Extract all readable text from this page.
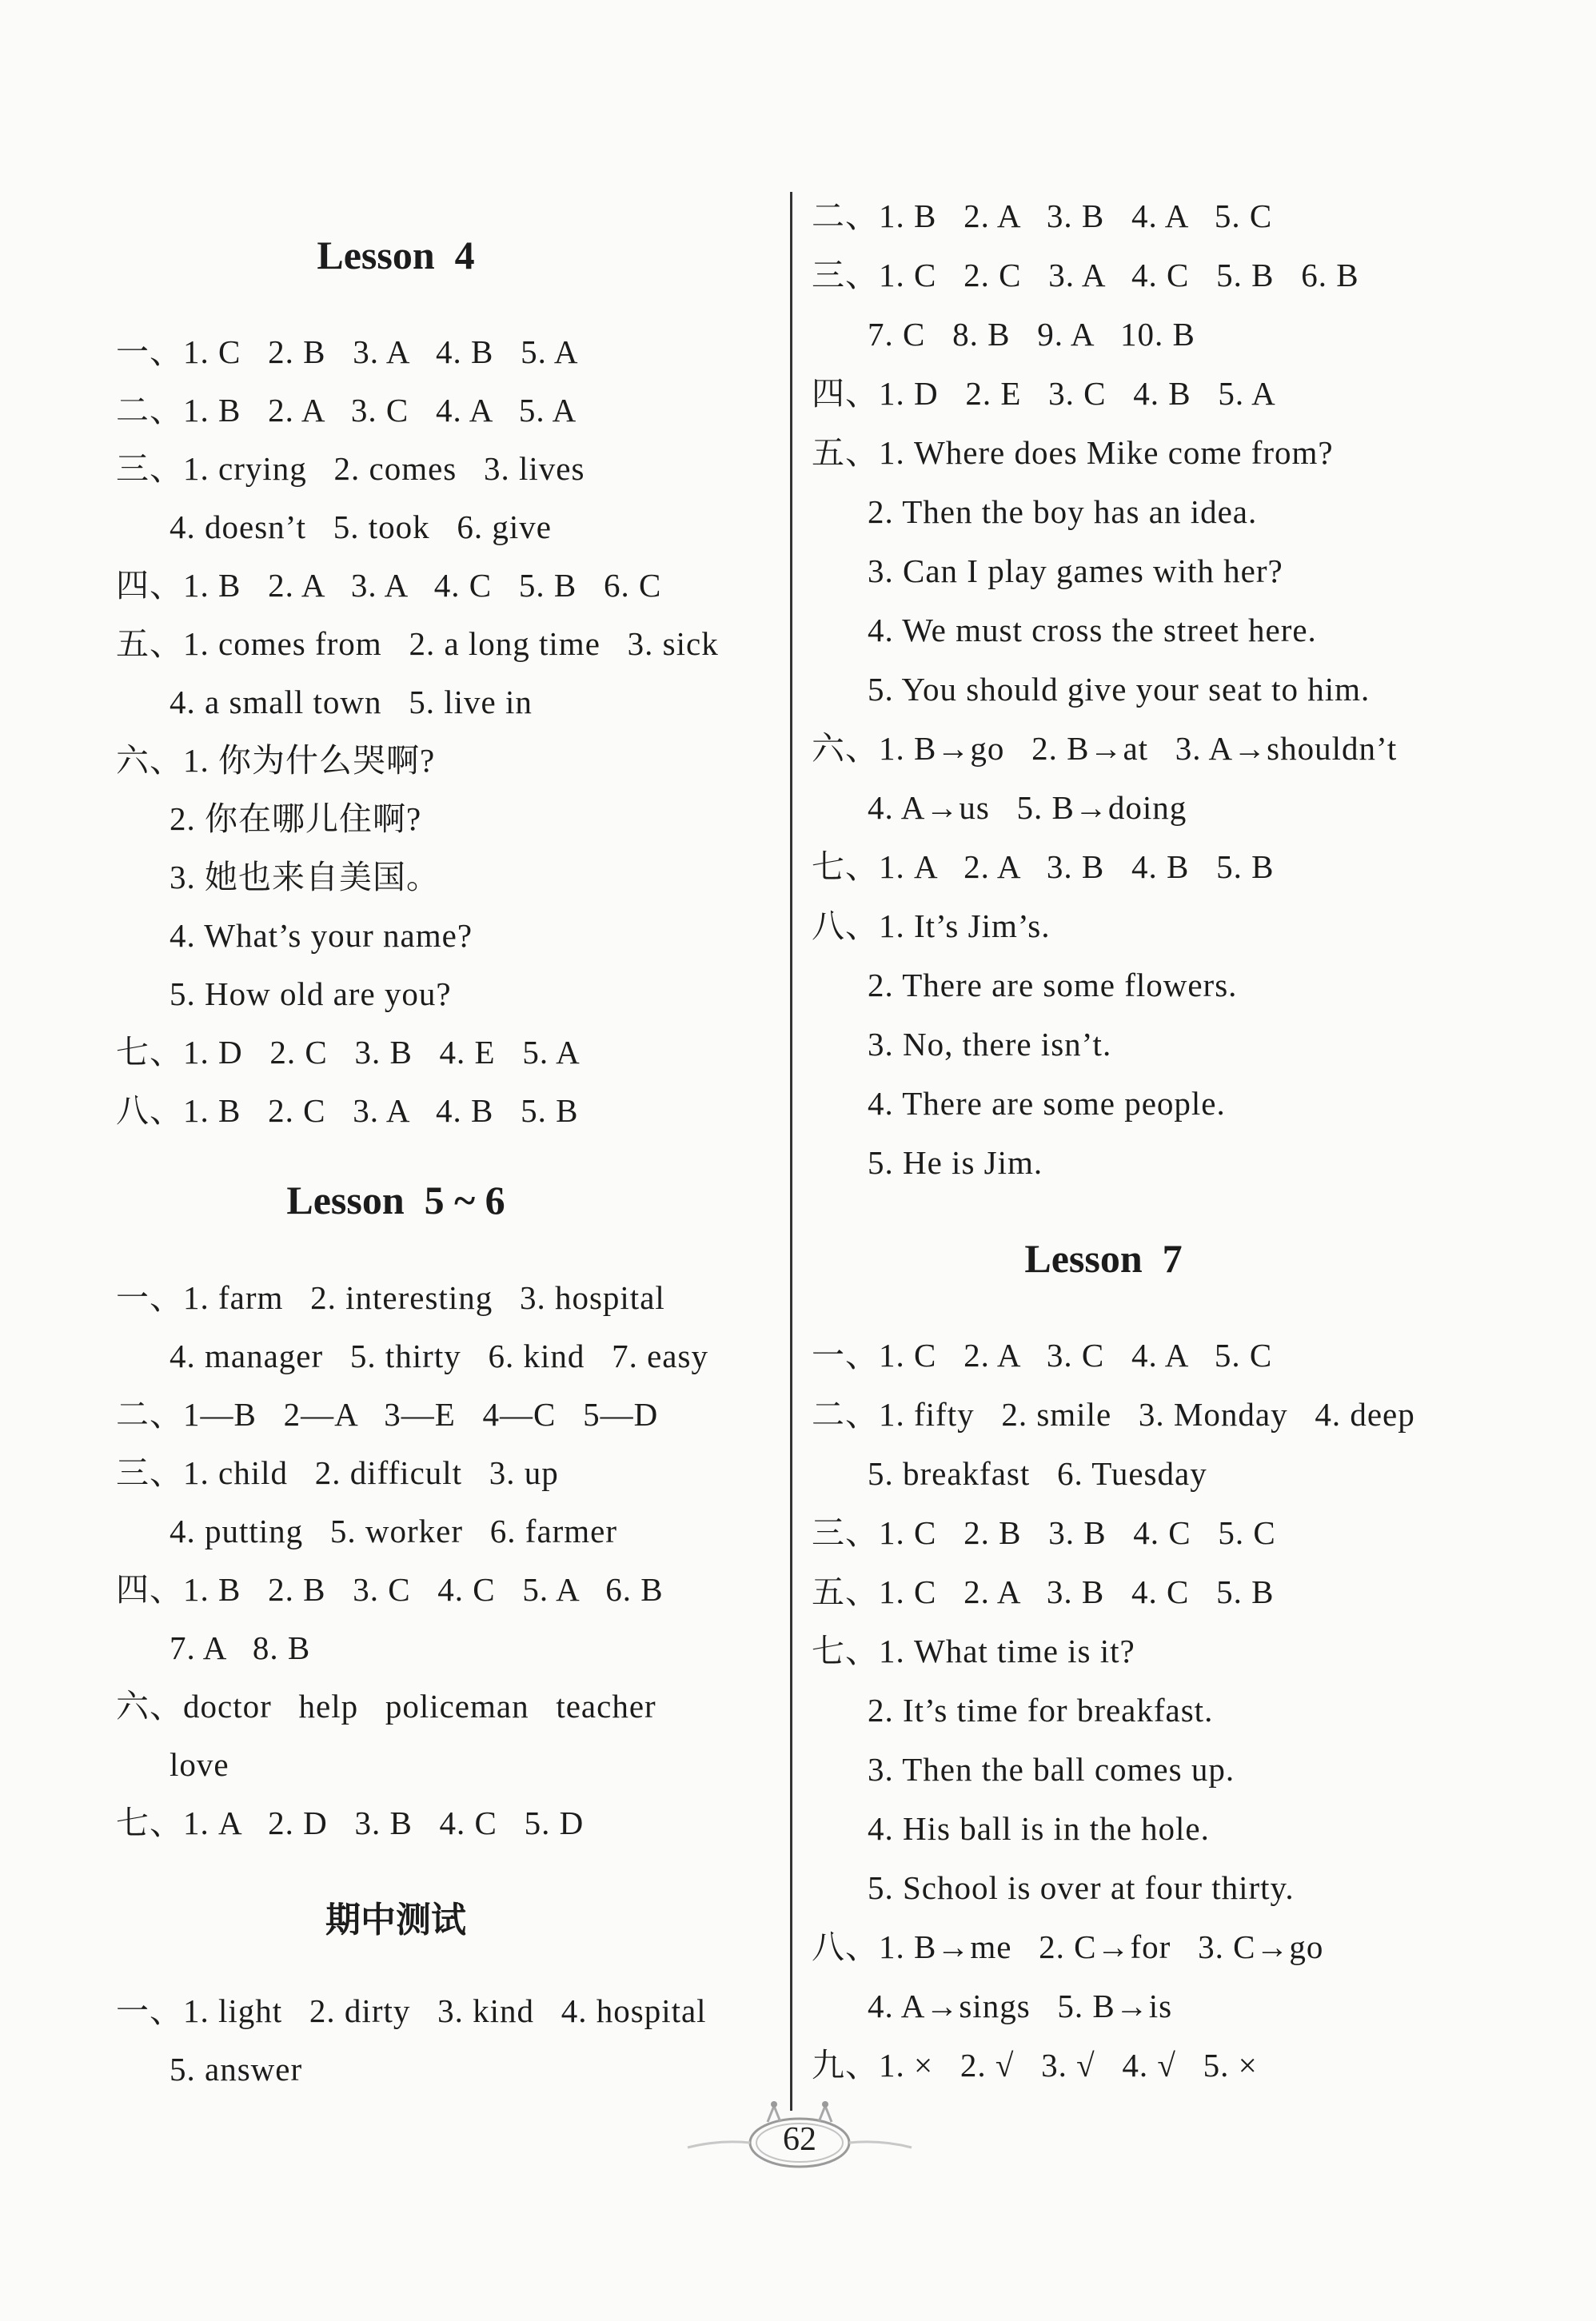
Lesson  4
一、1. C   2. B   3. A   4. B   5. A
二、1. B   2. A   3. C   4. A   5. A
三、1. crying   2. comes   3. lives
4. doesn’t   5. took   6. give
四、1. B   2. A   3. A   4. C   5. B   6. C
五、1. comes from   2. a long time   3. sick
4. a small town   5. live in
六、1. 你为什么哭啊?
2. 你在哪儿住啊?
3. 她也来自美国。
4. What’s your name?
5. How old are you?
七、1. D   2. C   3. B   4. E   5. A
八、1. B   2. C   3. A   4. B   5. B
Lesson  5 ~ 6
一、1. farm   2. interesting   3. hospital
4. manager   5. thirty   6. kind   7. easy
二、1—B   2—A   3—E   4—C   5—D
三、1. child   2. difficult   3. up
4. putting   5. worker   6. farmer
四、1. B   2. B   3. C   4. C   5. A   6. B
7. A   8. B
六、doctor   help   policeman   teacher
love
七、1. A   2. D   3. B   4. C   5. D
期中测试
一、1. light   2. dirty   3. kind   4. hospital
5. answer
二、1. B   2. A   3. B   4. A   5. C
三、1. C   2. C   3. A   4. C   5. B   6. B
7. C   8. B   9. A   10. B
四、1. D   2. E   3. C   4. B   5. A
五、1. Where does Mike come from?
2. Then the boy has an idea.
3. Can I play games with her?
4. We must cross the street here.
5. You should give your seat to him.
六、1. B→go   2. B→at   3. A→shouldn’t
4. A→us   5. B→doing
七、1. A   2. A   3. B   4. B   5. B
八、1. It’s Jim’s.
2. There are some flowers.
3. No, there isn’t.
4. There are some people.
5. He is Jim.
Lesson  7
一、1. C   2. A   3. C   4. A   5. C
二、1. fifty   2. smile   3. Monday   4. deep
5. breakfast   6. Tuesday
三、1. C   2. B   3. B   4. C   5. C
五、1. C   2. A   3. B   4. C   5. B
七、1. What time is it?
2. It’s time for breakfast.
3. Then the ball comes up.
4. His ball is in the hole.
5. School is over at four thirty.
八、1. B→me   2. C→for   3. C→go
4. A→sings   5. B→is
九、1. ×   2. √   3. √   4. √   5. ×
62
